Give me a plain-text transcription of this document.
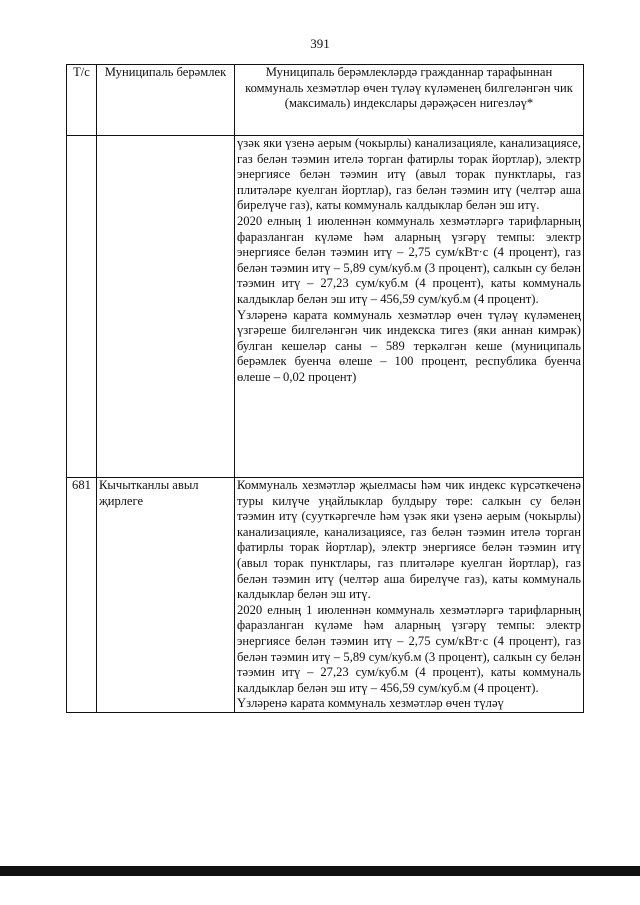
391
Т/с	Муниципаль берәмлек	Муниципаль берәмлекләрдә гражданнар тарафыннан коммуналь хезмәтләр өчен түләү күләменең билгеләнгән чик (максималь) индекслары дәрәҗәсен нигезләү*

		үзәк яки үзенә аерым (чокырлы) канализацияле, канализациясе, газ белән тәэмин ителә торган фатирлы торак йортлар), электр энергиясе белән тәэмин итү (авыл торак пунктлары, газ плитәләре куелган йортлар), газ белән тәэмин итү (челтәр аша бирелүче газ), каты коммуналь калдыклар белән эш итү.

2020 елның 1 июленнән коммуналь хезмәтләргә тарифларның фаразланган күләме һәм аларның үзгәрү темпы: электр энергиясе белән тәэмин итү – 2,75 сум/кВт·с (4 процент), газ белән тәэмин итү – 5,89 сум/куб.м (3 процент), салкын су белән тәэмин итү – 27,23 сум/куб.м (4 процент), каты коммуналь калдыклар белән эш итү – 456,59 сум/куб.м (4 процент).

Үзләренә карата коммуналь хезмәтләр өчен түләү күләменең үзгәреше билгеләнгән чик индекска тигез (яки аннан кимрәк) булган кешеләр саны – 589 теркәлгән кеше (муниципаль берәмлек буенча өлеше – 100 процент, республика буенча өлеше – 0,02 процент)

681	Кычытканлы авыл җирлеге	Коммуналь хезмәтләр җыелмасы һәм чик индекс күрсәткеченә туры килүче уңайлыклар булдыру төре: салкын су белән тәэмин итү (сууткәргечле һәм үзәк яки үзенә аерым (чокырлы) канализацияле, канализациясе, газ белән тәэмин ителә торган фатирлы торак йортлар), электр энергиясе белән тәэмин итү (авыл торак пунктлары, газ плитәләре куелган йортлар), газ белән тәэмин итү (челтәр аша бирелүче газ), каты коммуналь калдыклар белән эш итү.

2020 елның 1 июленнән коммуналь хезмәтләргә тарифларның фаразланган күләме һәм аларның үзгәрү темпы: электр энергиясе белән тәэмин итү – 2,75 сум/кВт·с (4 процент), газ белән тәэмин итү – 5,89 сум/куб.м (3 процент), салкын су белән тәэмин итү – 27,23 сум/куб.м (4 процент), каты коммуналь калдыклар белән эш итү – 456,59 сум/куб.м (4 процент).

Үзләренә карата коммуналь хезмәтләр өчен түләү
